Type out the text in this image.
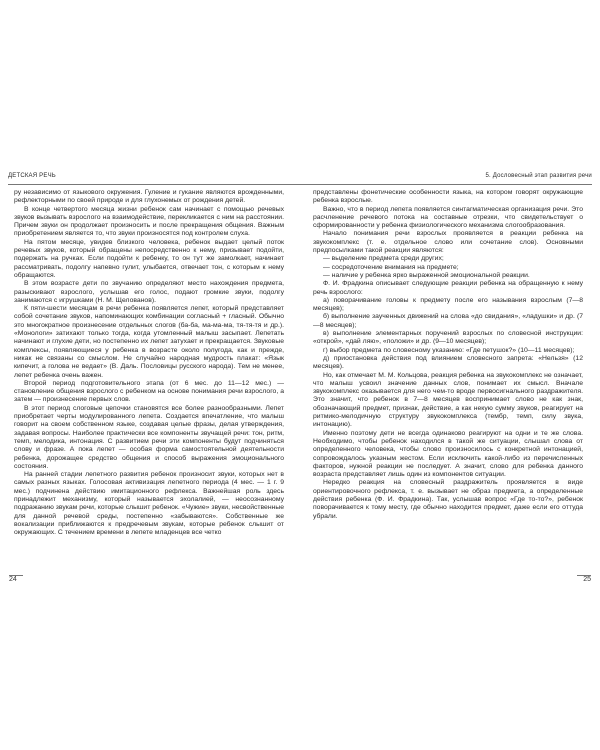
ДЕТСКАЯ РЕЧЬ	5. Дословесный этап развития речи

ру независимо от языкового окружения. Гуление и гукание являются врожденными, рефлекторными по своей природе и для глухонемых от рождения детей.

В конце четвертого месяца жизни ребенок сам начинает с помощью речевых звуков вызывать взрослого на взаимодействие, перекликается с ним на расстоянии. Причем звуки он продолжает произносить и после прекращения общения. Важным приобретением является то, что звуки произносятся под контролем слуха.

На пятом месяце, увидев близкого человека, ребенок выдает целый поток речевых звуков, который обращены непосредственно к нему, призывает подойти, подержать на ручках. Если подойти к ребенку, то он тут же замолкает, начинает рассматривать, подолгу напевно гулит, улыбается, отвечает тон, с которым к нему обращаются.

В этом возрасте дети по звучанию определяют место нахождения предмета, разыскивают взрослого, услышав его голос, подают громкие звуки, подолгу занимаются с игрушками (Н. М. Щелованов).

К пяти-шести месяцам в речи ребенка появляется лепет, который представляет собой сочетание звуков, напоминающих комбинации согласный + гласный. Обычно это многократное произнесение отдельных слогов (ба-ба, ма-ма-ма, тя-тя-тя и др.). «Монологи» затихают только тогда, когда утомленный малыш засыпает. Лепетать начинают и глухие дети, но постепенно их лепет затухает и прекращается. Звуковые комплексы, появляющиеся у ребенка в возрасте около полугода, как и прежде, никак не связаны со смыслом. Не случайно народная мудрость плакат: «Язык кипечит, а голова не ведает» (В. Даль. Пословицы русского народа). Тем не менее, лепет ребенка очень важен.

Второй период подготовительного этапа (от 6 мес. до 11—12 мес.) — становление общения взрослого с ребенком на основе понимания речи взрослого, а затем — произнесение первых слов.

В этот период слоговые цепочки становятся все более разнообразными. Лепет приобретает черты модулированного лепета. Создается впечатление, что малыш говорит на своем собственном языке, создавая целые фразы, делая утверждения, задавая вопросы. Наиболее практически все компоненты звучащей речи: тон, ритм, темп, мелодика, интонация. С развитием речи эти компоненты будут подчиняться слову и фразе. А пока лепет — особая форма самостоятельной деятельности ребенка, дорожащее средство общения и способ выражения эмоционального состояния.

На ранней стадии лепетного развития ребенок произносит звуки, которых нет в самых разных языках. Голосовая активизация лепетного периода (4 мес. — 1 г. 9 мес.) подчинена действию имитационного рефлекса. Важнейшая роль здесь принадлежит механизму, который называется эхолалией, — неосознанному подражанию звукам речи, которые слышит ребенок. «Чужие» звуки, несвойственные для данной речевой среды, постепенно «забываются». Собственные же вокализации приближаются к предречевым звукам, которые ребенок слышит от окружающих. С течением времени в лепете младенцев все четко

представлены фонетические особенности языка, на котором говорят окружающие ребенка взрослые.

Важно, что в период лепета появляется синтагматическая организация речи. Это расчленение речевого потока на составные отрезки, что свидетельствует о сформированности у ребенка физиологического механизма слогообразования.

Начало понимания речи взрослых проявляется в реакции ребенка на звукокомплекс (т. е. отдельное слово или сочетание слов). Основными предпосылками такой реакции являются:

— выделение предмета среди других;

— сосредоточение внимания на предмете;

— наличие у ребенка ярко выраженной эмоциональной реакции.

Ф. И. Фрадкина описывает следующие реакции ребенка на обращенную к нему речь взрослого:

а) поворачивание головы к предмету после его называния взрослым (7—8 месяцев);

б) выполнение заученных движений на слова «до свидания», «ладушки» и др. (7—8 месяцев);

в) выполнение элементарных поручений взрослых по словесной инструкции: «открой», «дай ляю», «положи» и др. (9—10 месяцев);

г) выбор предмета по словесному указанию: «Где петушок?» (10—11 месяцев);

д) приостановка действия под влиянием словесного запрета: «Нельзя» (12 месяцев).

Но, как отмечает М. М. Кольцова, реакция ребенка на звукокомплекс не означает, что малыш усвоил значение данных слов, понимает их смысл. Вначале звукокомплекс оказывается для него чем-то вроде первосигнального раздражителя. Это значит, что ребенок в 7—8 месяцев воспринимает слово не как знак, обозначающий предмет, признак, действие, а как некую сумму звуков, реагирует на ритмико-мелодичную структуру звукокомплекса (тембр, темп, силу звука, интонацию).

Именно поэтому дети не всегда одинаково реагируют на одни и те же слова. Необходимо, чтобы ребенок находился в такой же ситуации, слышал слова от определенного человека, чтобы слово произносилось с конкретной интонацией, сопровождалось указным жестом. Если исключить какой-либо из перечисленных факторов, нужной реакции не последует. А значит, слово для ребенка данного возраста представляет лишь один из компонентов ситуации.

Нередко реакция на словесный раздражитель проявляется в виде ориентировочного рефлекса, т. е. вызывает не образ предмета, а определенные действия ребенка (Ф. И. Фрадкина). Так, услышав вопрос «Где то-то?», ребенок поворачивается к тому месту, где обычно находится предмет, даже если его оттуда убрали.

24	25
